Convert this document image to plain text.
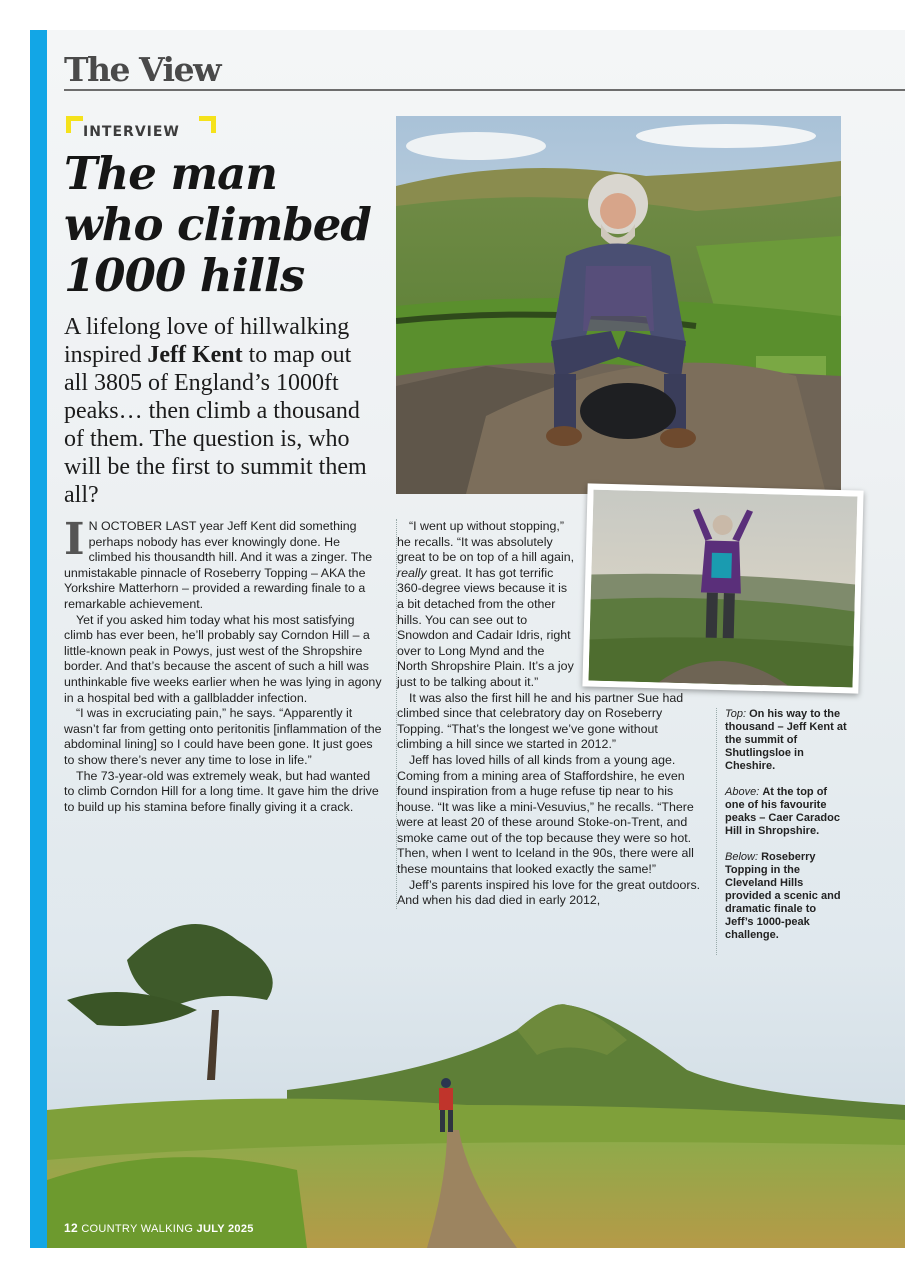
The View
INTERVIEW
The man
who climbed
1000 hills

A lifelong love of hillwalking inspired Jeff Kent to map out all 3805 of England’s 1000ft peaks… then climb a thousand of them. The question is, who will be the first to summit them all?

I N OCTOBER LAST year Jeff Kent did something perhaps nobody has ever knowingly done. He climbed his thousandth hill. And it was a zinger. The unmistakable pinnacle of Roseberry Topping – AKA the Yorkshire Matterhorn – provided a rewarding finale to a remarkable achievement.

Yet if you asked him today what his most satisfying climb has ever been, he’ll probably say Corndon Hill – a little-known peak in Powys, just west of the Shropshire border. And that’s because the ascent of such a hill was unthinkable five weeks earlier when he was lying in agony in a hospital bed with a gallbladder infection.

“I was in excruciating pain,” he says. “Apparently it wasn’t far from getting onto peritonitis [inflammation of the abdominal lining] so I could have been gone. It just goes to show there’s never any time to lose in life.”

The 73-year-old was extremely weak, but had wanted to climb Corndon Hill for a long time. It gave him the drive to build up his stamina before finally giving it a crack.

“I went up without stopping,” he recalls. “It was absolutely great to be on top of a hill again, really great. It has got terrific 360-degree views because it is a bit detached from the other hills. You can see out to Snowdon and Cadair Idris, right over to Long Mynd and the North Shropshire Plain. It’s a joy just to be talking about it.”

It was also the first hill he and his partner Sue had climbed since that celebratory day on Roseberry Topping. “That’s the longest we’ve gone without climbing a hill since we started in 2012.”

Jeff has loved hills of all kinds from a young age. Coming from a mining area of Staffordshire, he even found inspiration from a huge refuse tip near to his house. “It was like a mini-Vesuvius,” he recalls. “There were at least 20 of these around Stoke-on-Trent, and smoke came out of the top because they were so hot. Then, when I went to Iceland in the 90s, there were all these mountains that looked exactly the same!”

Jeff’s parents inspired his love for the great outdoors. And when his dad died in early 2012,

Top: On his way to the thousand – Jeff Kent at the summit of Shutlingsloe in Cheshire.

Above: At the top of one of his favourite peaks – Caer Caradoc Hill in Shropshire.

Below: Roseberry Topping in the Cleveland Hills provided a scenic and dramatic finale to Jeff’s 1000-peak challenge.

12 COUNTRY WALKING JULY 2025
